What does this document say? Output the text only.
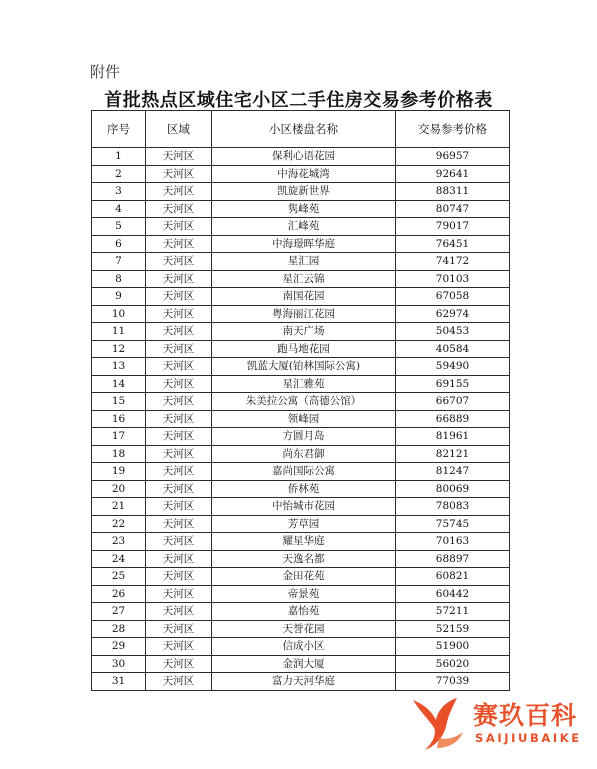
附件
首批热点区域住宅小区二手住房交易参考价格表
序号	区域	小区楼盘名称	交易参考价格
1	天河区	保利心语花园	96957
2	天河区	中海花城湾	92641
3	天河区	凯旋新世界	88311
4	天河区	隽峰苑	80747
5	天河区	汇峰苑	79017
6	天河区	中海璟晖华庭	76451
7	天河区	星汇园	74172
8	天河区	星汇云锦	70103
9	天河区	南国花园	67058
10	天河区	粤海丽江花园	62974
11	天河区	南天广场	50453
12	天河区	跑马地花园	40584
13	天河区	凯蓝大厦(铂林国际公寓)	59490
14	天河区	星汇雅苑	69155
15	天河区	朱美拉公寓（高德公馆）	66707
16	天河区	领峰园	66889
17	天河区	方圆月岛	81961
18	天河区	尚东君御	82121
19	天河区	嘉尚国际公寓	81247
20	天河区	侨林苑	80069
21	天河区	中怡城市花园	78083
22	天河区	芳草园	75745
23	天河区	耀星华庭	70163
24	天河区	天逸名都	68897
25	天河区	金田花苑	60821
26	天河区	帝景苑	60442
27	天河区	嘉怡苑	57211
28	天河区	天誉花园	52159
29	天河区	信成小区	51900
30	天河区	金润大厦	56020
31	天河区	富力天河华庭	77039
赛玖百科
SAIJIUBAIKE
